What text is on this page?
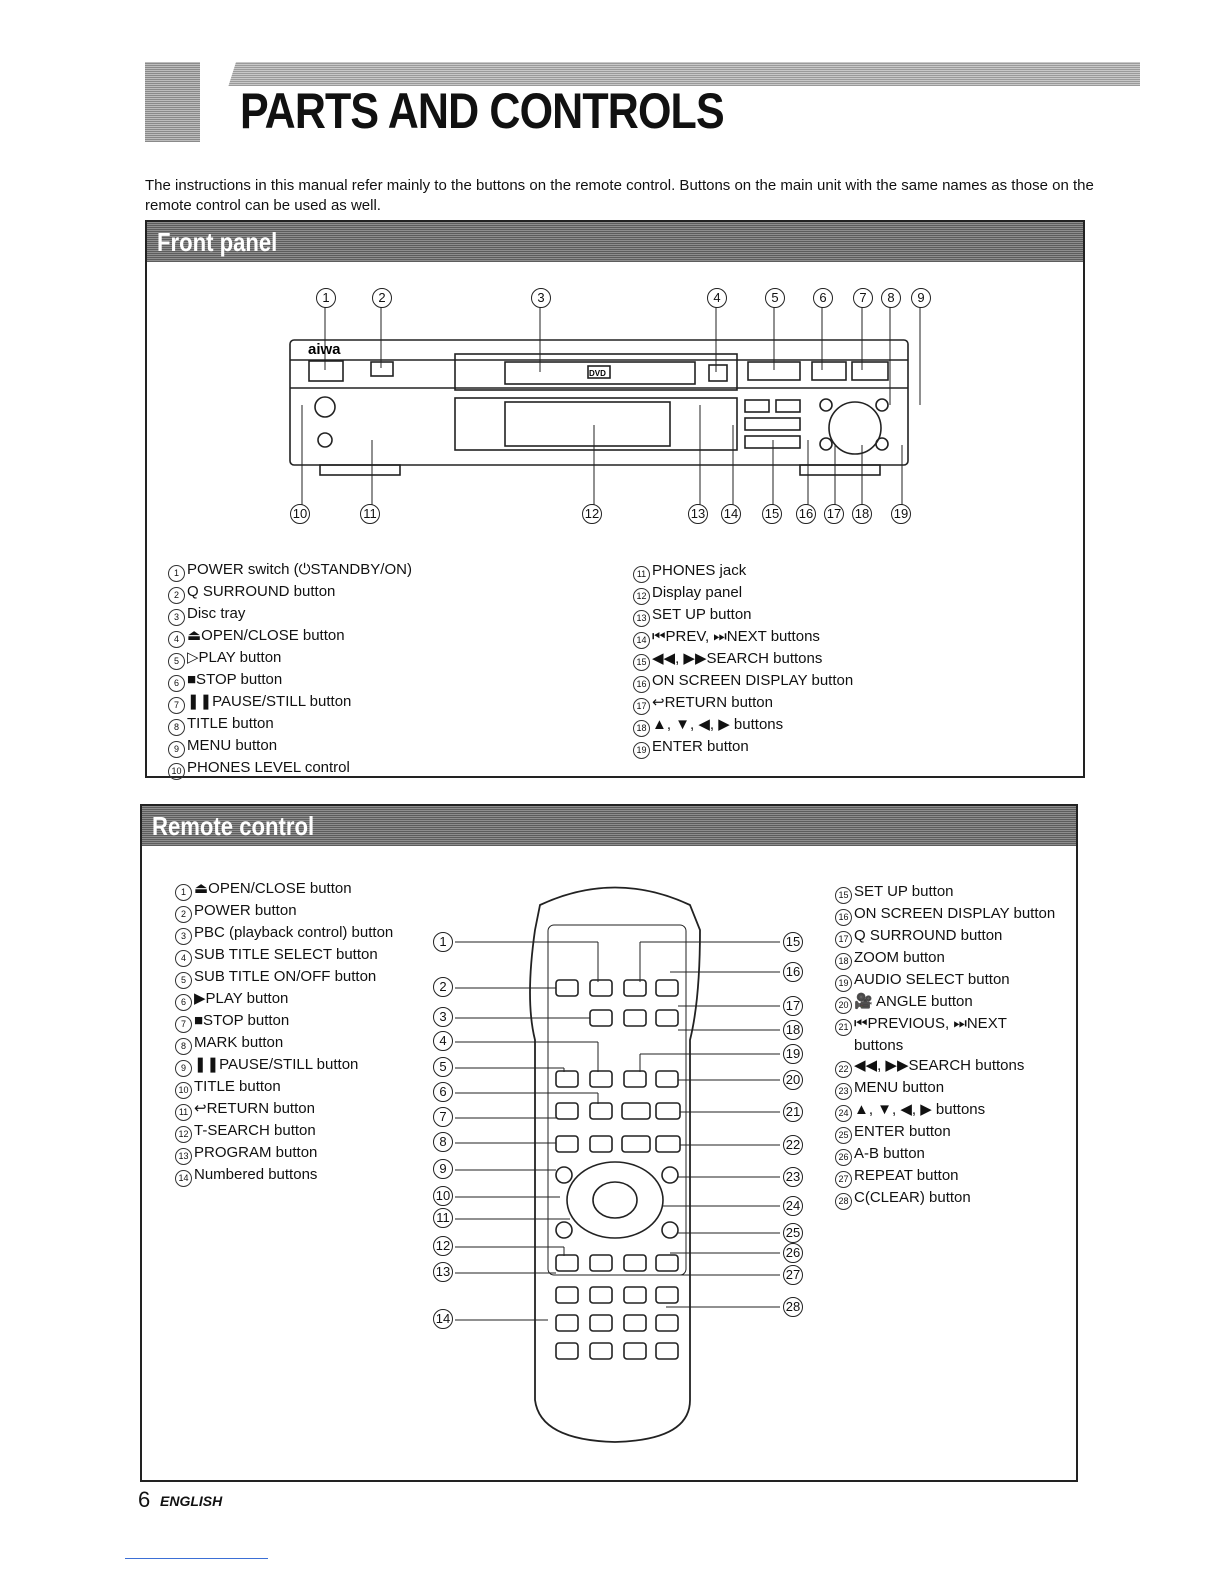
PARTS AND CONTROLS
The instructions in this manual refer mainly to the buttons on the remote control. Buttons on the main unit with the same names as those on the remote control can be used as well.
Front panel
aiwa
DVD
1	2	3	4	5	6	7	8	9
10	11	12	13 14 15 16 17 18 19
1 POWER switch (⏻STANDBY/ON)
2 Q SURROUND button
3 Disc tray
4 ⏏OPEN/CLOSE button
5 ▷PLAY button
6 ■STOP button
7 ❚❚PAUSE/STILL button
8 TITLE button
9 MENU button
10 PHONES LEVEL control
11 PHONES jack
12 Display panel
13 SET UP button
14 ⏮PREV, ⏭NEXT buttons
15 ◀◀, ▶▶SEARCH buttons
16 ON SCREEN DISPLAY button
17 ↩RETURN button
18 ▲, ▼, ◀, ▶ buttons
19 ENTER button
Remote control
1
2
3
4
5
6
7
8
9
10
11
12
13
14
15
16
17
18
19
20
21
22
23
24
25
26
27
28
1 ⏏OPEN/CLOSE button
2 POWER button
3 PBC (playback control) button
4 SUB TITLE SELECT button
5 SUB TITLE ON/OFF button
6 ▶PLAY button
7 ■STOP button
8 MARK button
9 ❚❚PAUSE/STILL button
10 TITLE button
11 ↩RETURN button
12 T-SEARCH button
13 PROGRAM button
14 Numbered buttons
15 SET UP button
16 ON SCREEN DISPLAY button
17 Q SURROUND button
18 ZOOM button
19 AUDIO SELECT button
20 🎥 ANGLE button
21 ⏮PREVIOUS, ⏭NEXT
buttons
22 ◀◀, ▶▶SEARCH buttons
23 MENU button
24 ▲, ▼, ◀, ▶ buttons
25 ENTER button
26 A-B button
27 REPEAT button
28 C(CLEAR) button
6 ENGLISH
